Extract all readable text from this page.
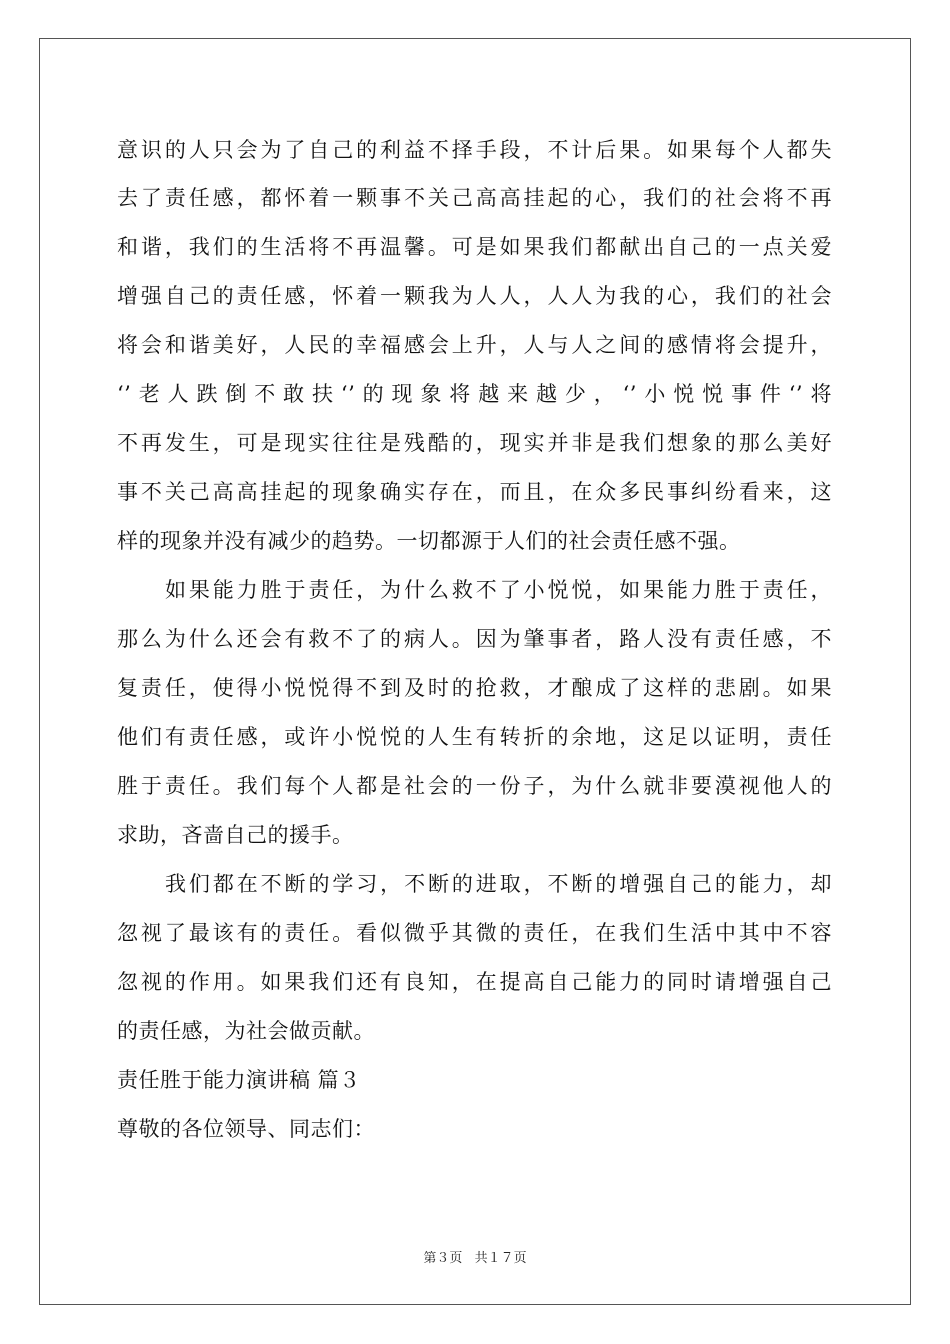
意识的人只会为了自己的利益不择手段，不计后果。如果每个人都失
去了责任感，都怀着一颗事不关己高高挂起的心，我们的社会将不再
和谐，我们的生活将不再温馨。可是如果我们都献出自己的一点关爱
增强自己的责任感，怀着一颗我为人人，人人为我的心，我们的社会
将会和谐美好，人民的幸福感会上升，人与人之间的感情将会提升，
‘’老人跌倒不敢扶‘’的现象将越来越少，‘’小悦悦事件‘’将
不再发生，可是现实往往是残酷的，现实并非是我们想象的那么美好
事不关己高高挂起的现象确实存在，而且，在众多民事纠纷看来，这
样的现象并没有减少的趋势。一切都源于人们的社会责任感不强。
如果能力胜于责任，为什么救不了小悦悦，如果能力胜于责任，
那么为什么还会有救不了的病人。因为肇事者，路人没有责任感，不
复责任，使得小悦悦得不到及时的抢救，才酿成了这样的悲剧。如果
他们有责任感，或许小悦悦的人生有转折的余地，这足以证明，责任
胜于责任。我们每个人都是社会的一份子，为什么就非要漠视他人的
求助，吝啬自己的援手。
我们都在不断的学习，不断的进取，不断的增强自己的能力，却
忽视了最该有的责任。看似微乎其微的责任，在我们生活中其中不容
忽视的作用。如果我们还有良知，在提高自己能力的同时请增强自己
的责任感，为社会做贡献。
责任胜于能力演讲稿 篇３
尊敬的各位领导、同志们：
第３页 共１７页
